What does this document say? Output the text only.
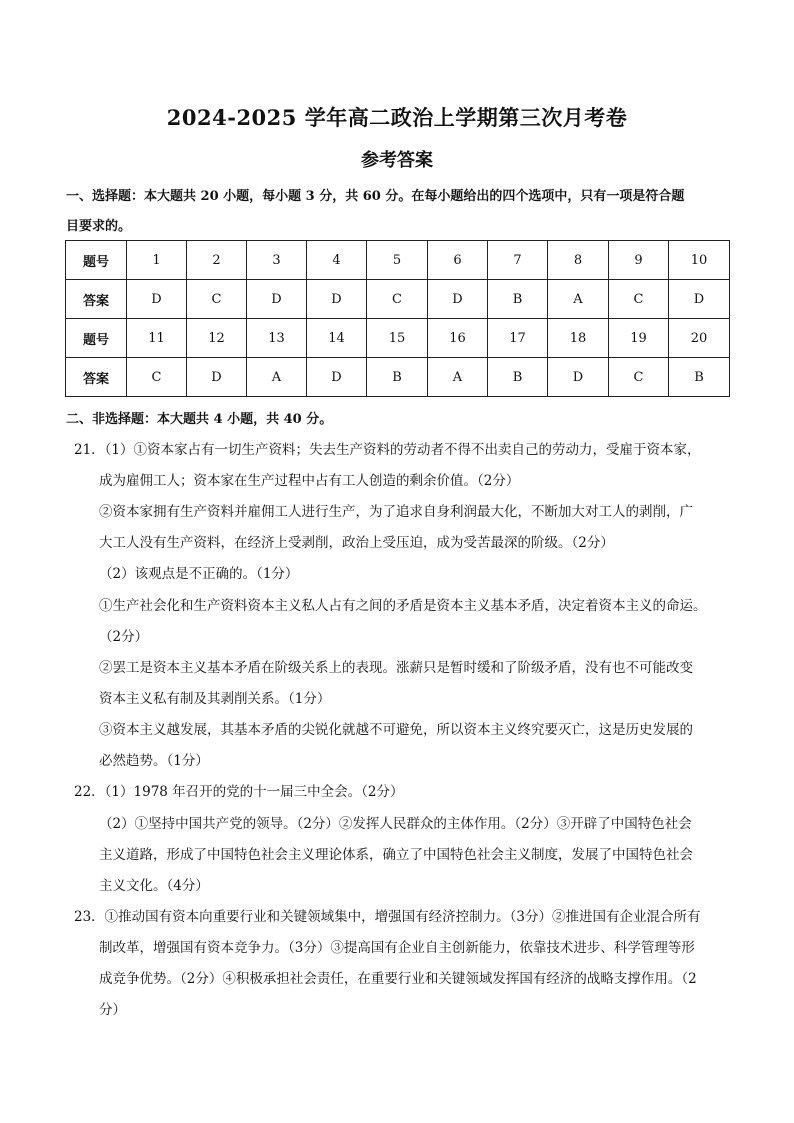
2024-2025 学年高二政治上学期第三次月考卷
参考答案
一、选择题：本大题共 20 小题，每小题 3 分，共 60 分。在每小题给出的四个选项中，只有一项是符合题
目要求的。
题号	1	2	3	4	5	6	7	8	9	10
答案	D	C	D	D	C	D	B	A	C	D
题号	11	12	13	14	15	16	17	18	19	20
答案	C	D	A	D	B	A	B	D	C	B
二、非选择题：本大题共 4 小题，共 40 分。
21．（1）①资本家占有一切生产资料；失去生产资料的劳动者不得不出卖自己的劳动力，受雇于资本家，
成为雇佣工人；资本家在生产过程中占有工人创造的剩余价值。（2分）
②资本家拥有生产资料并雇佣工人进行生产，为了追求自身利润最大化，不断加大对工人的剥削，广
大工人没有生产资料，在经济上受剥削，政治上受压迫，成为受苦最深的阶级。（2分）
（2）该观点是不正确的。（1分）
①生产社会化和生产资料资本主义私人占有之间的矛盾是资本主义基本矛盾，决定着资本主义的命运。
（2分）
②罢工是资本主义基本矛盾在阶级关系上的表现。涨薪只是暂时缓和了阶级矛盾，没有也不可能改变
资本主义私有制及其剥削关系。（1分）
③资本主义越发展，其基本矛盾的尖锐化就越不可避免，所以资本主义终究要灭亡，这是历史发展的
必然趋势。（1分）
22．（1）1978 年召开的党的十一届三中全会。（2分）
（2）①坚持中国共产党的领导。（2分）②发挥人民群众的主体作用。（2分）③开辟了中国特色社会
主义道路，形成了中国特色社会主义理论体系，确立了中国特色社会主义制度，发展了中国特色社会
主义文化。（4分）
23．①推动国有资本向重要行业和关键领域集中，增强国有经济控制力。（3分）②推进国有企业混合所有
制改革，增强国有资本竞争力。（3分）③提高国有企业自主创新能力，依靠技术进步、科学管理等形
成竞争优势。（2分）④积极承担社会责任，在重要行业和关键领域发挥国有经济的战略支撑作用。（2
分）
